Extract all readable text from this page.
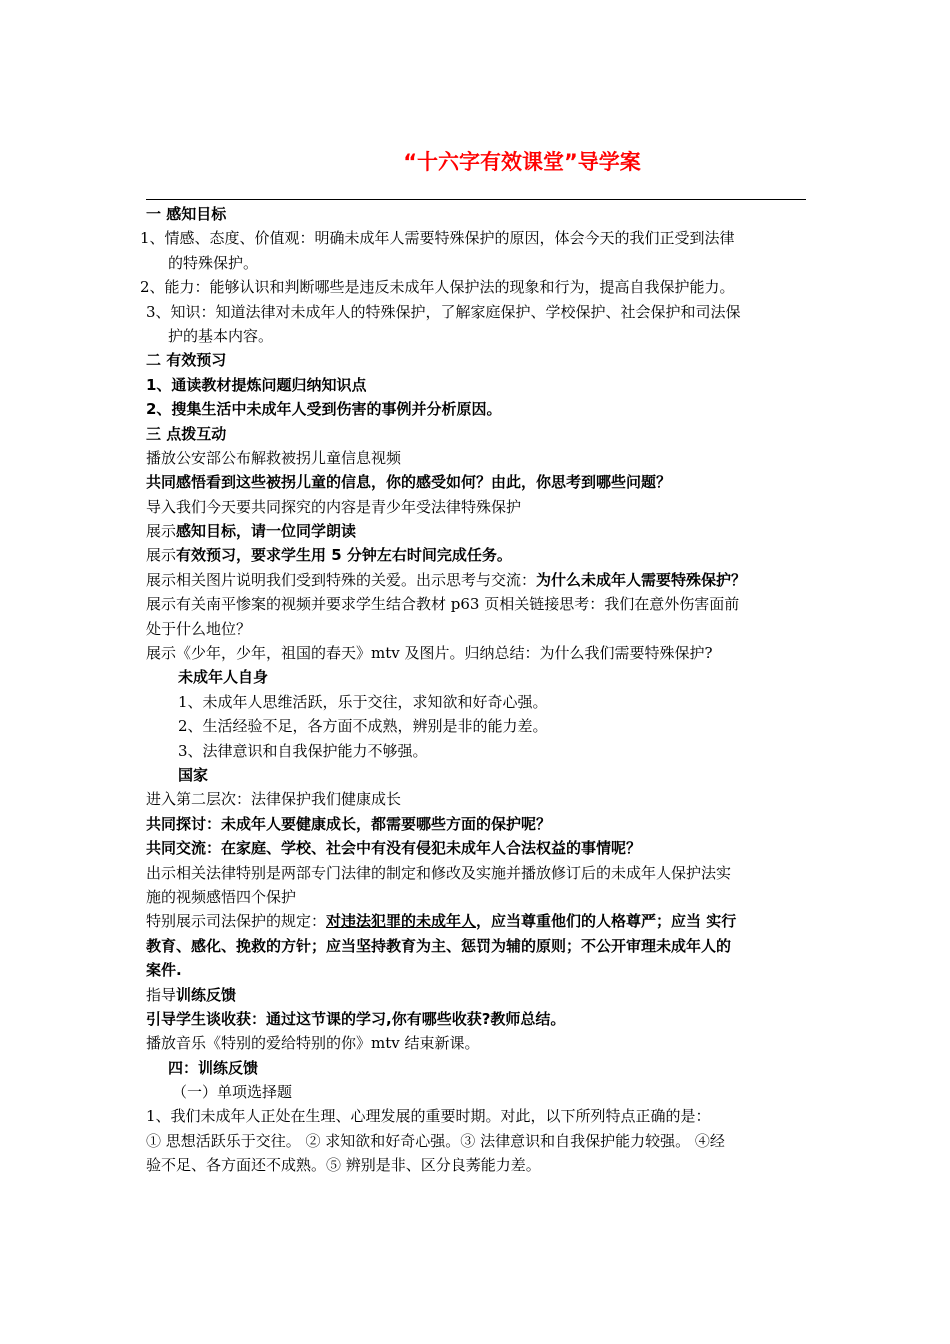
“十六字有效课堂”导学案
一 感知目标
1、情感、态度、价值观：明确未成年人需要特殊保护的原因，体会今天的我们正受到法律
的特殊保护。
2、能力：能够认识和判断哪些是违反未成年人保护法的现象和行为，提高自我保护能力。
3、知识：知道法律对未成年人的特殊保护，了解家庭保护、学校保护、社会保护和司法保
护的基本内容。
二 有效预习
1、通读教材提炼问题归纳知识点
2、搜集生活中未成年人受到伤害的事例并分析原因。
三 点拨互动
播放公安部公布解救被拐儿童信息视频
共同感悟看到这些被拐儿童的信息，你的感受如何？由此，你思考到哪些问题？
导入我们今天要共同探究的内容是青少年受法律特殊保护
展示感知目标，请一位同学朗读
展示有效预习，要求学生用 5 分钟左右时间完成任务。
展示相关图片说明我们受到特殊的关爱。出示思考与交流：为什么未成年人需要特殊保护？
展示有关南平惨案的视频并要求学生结合教材 p63 页相关链接思考：我们在意外伤害面前
处于什么地位？
展示《少年，少年，祖国的春天》mtv 及图片。归纳总结：为什么我们需要特殊保护?
未成年人自身
1、未成年人思维活跃，乐于交往，求知欲和好奇心强。
2、生活经验不足，各方面不成熟，辨别是非的能力差。
3、法律意识和自我保护能力不够强。
国家
进入第二层次：法律保护我们健康成长
共同探讨：未成年人要健康成长，都需要哪些方面的保护呢？
共同交流：在家庭、学校、社会中有没有侵犯未成年人合法权益的事情呢？
出示相关法律特别是两部专门法律的制定和修改及实施并播放修订后的未成年人保护法实
施的视频感悟四个保护
特别展示司法保护的规定：对违法犯罪的未成年人，应当尊重他们的人格尊严；应当 实行
教育、感化、挽救的方针；应当坚持教育为主、惩罚为辅的原则；不公开审理未成年人的
案件.
指导训练反馈
引导学生谈收获：通过这节课的学习,你有哪些收获?教师总结。
播放音乐《特别的爱给特别的你》mtv 结束新课。
四：训练反馈
（一）单项选择题
1、我们未成年人正处在生理、心理发展的重要时期。对此，以下所列特点正确的是：
① 思想活跃乐于交往。 ② 求知欲和好奇心强。③ 法律意识和自我保护能力较强。 ④经
验不足、各方面还不成熟。⑤ 辨别是非、区分良莠能力差。
